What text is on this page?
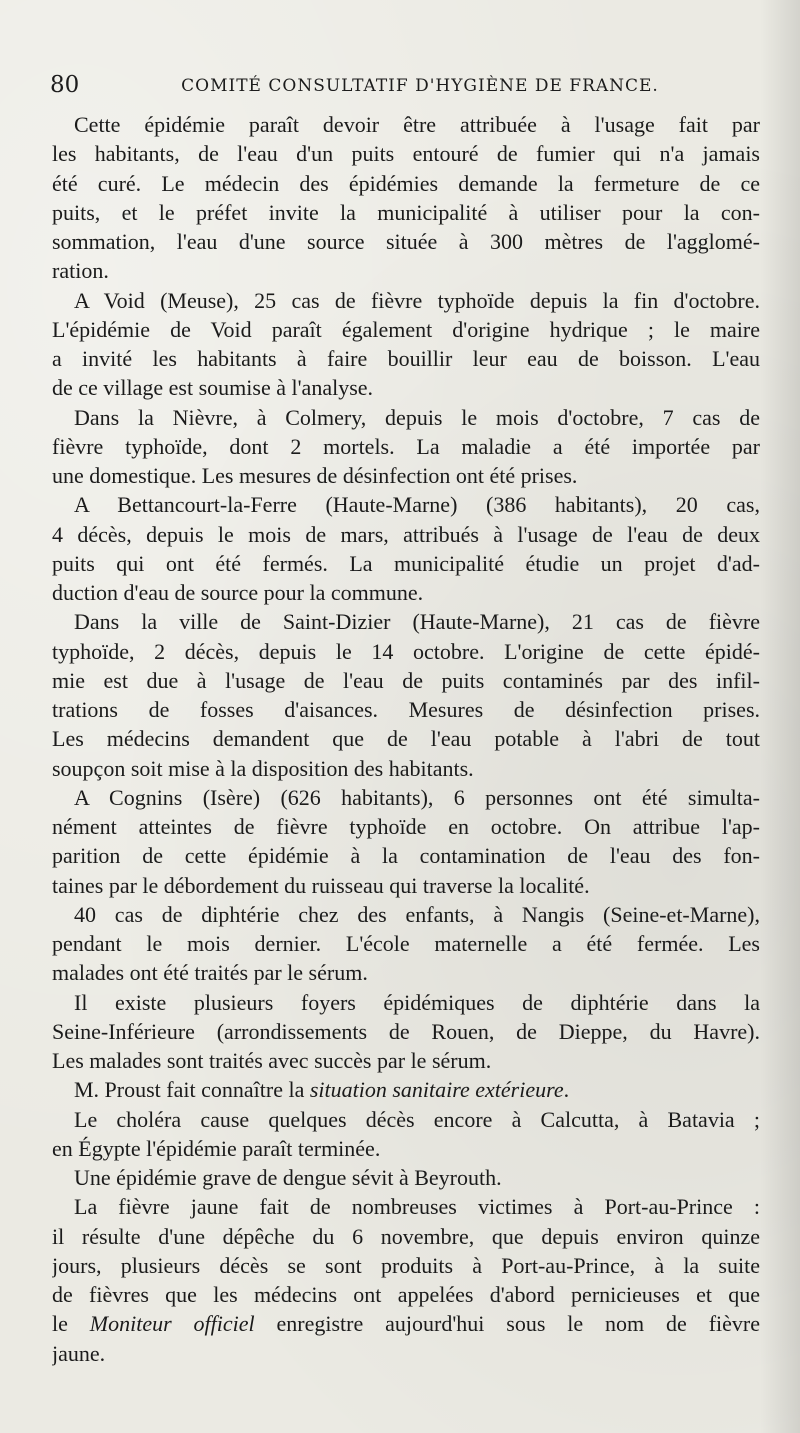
80	COMITÉ CONSULTATIF D'HYGIÈNE DE FRANCE.
Cette épidémie paraît devoir être attribuée à l'usage fait par
les habitants, de l'eau d'un puits entouré de fumier qui n'a jamais
été curé. Le médecin des épidémies demande la fermeture de ce
puits, et le préfet invite la municipalité à utiliser pour la con-
sommation, l'eau d'une source située à 300 mètres de l'agglomé-
ration.
A Void (Meuse), 25 cas de fièvre typhoïde depuis la fin d'octobre.
L'épidémie de Void paraît également d'origine hydrique ; le maire
a invité les habitants à faire bouillir leur eau de boisson. L'eau
de ce village est soumise à l'analyse.
Dans la Nièvre, à Colmery, depuis le mois d'octobre, 7 cas de
fièvre typhoïde, dont 2 mortels. La maladie a été importée par
une domestique. Les mesures de désinfection ont été prises.
A Bettancourt-la-Ferre (Haute-Marne) (386 habitants), 20 cas,
4 décès, depuis le mois de mars, attribués à l'usage de l'eau de deux
puits qui ont été fermés. La municipalité étudie un projet d'ad-
duction d'eau de source pour la commune.
Dans la ville de Saint-Dizier (Haute-Marne), 21 cas de fièvre
typhoïde, 2 décès, depuis le 14 octobre. L'origine de cette épidé-
mie est due à l'usage de l'eau de puits contaminés par des infil-
trations de fosses d'aisances. Mesures de désinfection prises.
Les médecins demandent que de l'eau potable à l'abri de tout
soupçon soit mise à la disposition des habitants.
A Cognins (Isère) (626 habitants), 6 personnes ont été simulta-
nément atteintes de fièvre typhoïde en octobre. On attribue l'ap-
parition de cette épidémie à la contamination de l'eau des fon-
taines par le débordement du ruisseau qui traverse la localité.
40 cas de diphtérie chez des enfants, à Nangis (Seine-et-Marne),
pendant le mois dernier. L'école maternelle a été fermée. Les
malades ont été traités par le sérum.
Il existe plusieurs foyers épidémiques de diphtérie dans la
Seine-Inférieure (arrondissements de Rouen, de Dieppe, du Havre).
Les malades sont traités avec succès par le sérum.
M. Proust fait connaître la situation sanitaire extérieure.
Le choléra cause quelques décès encore à Calcutta, à Batavia ;
en Égypte l'épidémie paraît terminée.
Une épidémie grave de dengue sévit à Beyrouth.
La fièvre jaune fait de nombreuses victimes à Port-au-Prince :
il résulte d'une dépêche du 6 novembre, que depuis environ quinze
jours, plusieurs décès se sont produits à Port-au-Prince, à la suite
de fièvres que les médecins ont appelées d'abord pernicieuses et que
le Moniteur officiel enregistre aujourd'hui sous le nom de fièvre
jaune.
